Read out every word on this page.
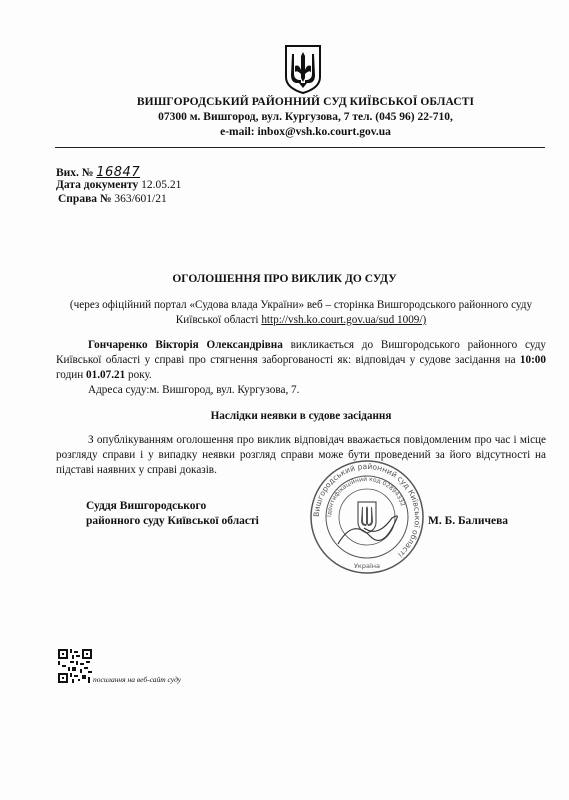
ВИШГОРОДСЬКИЙ РАЙОННИЙ СУД КИЇВСЬКОЇ ОБЛАСТІ
07300 м. Вишгород, вул. Кургузова, 7 тел. (045 96) 22-710,
e-mail: inbox@vsh.ko.court.gov.ua
Вих. № 16847
Дата документу 12.05.21
Справа № 363/601/21
ОГОЛОШЕННЯ ПРО ВИКЛИК ДО СУДУ
(через офіційний портал «Судова влада України» веб – сторінка Вишгородського районного суду Київської області http://vsh.ko.court.gov.ua/sud 1009/)
Гончаренко Вікторія Олександрівна викликається до Вишгородського районного суду Київської області у справі про стягнення заборгованості як: відповідач у судове засідання на 10:00 годин 01.07.21 року.
Адреса суду:м. Вишгород, вул. Кургузова, 7.
Наслідки неявки в судове засідання
З опублікуванням оголошення про виклик відповідач вважається повідомленим про час і місце розгляду справи і у випадку неявки розгляд справи може бути проведений за його відсутності на підставі наявних у справі доказів.
Суддя Вишгородського
районного суду Київської області	М. Б. Баличева
Вишгородський районний суд Київської області
Ідентифікаційний код 02894332
Україна
посилання на веб-сайт суду
